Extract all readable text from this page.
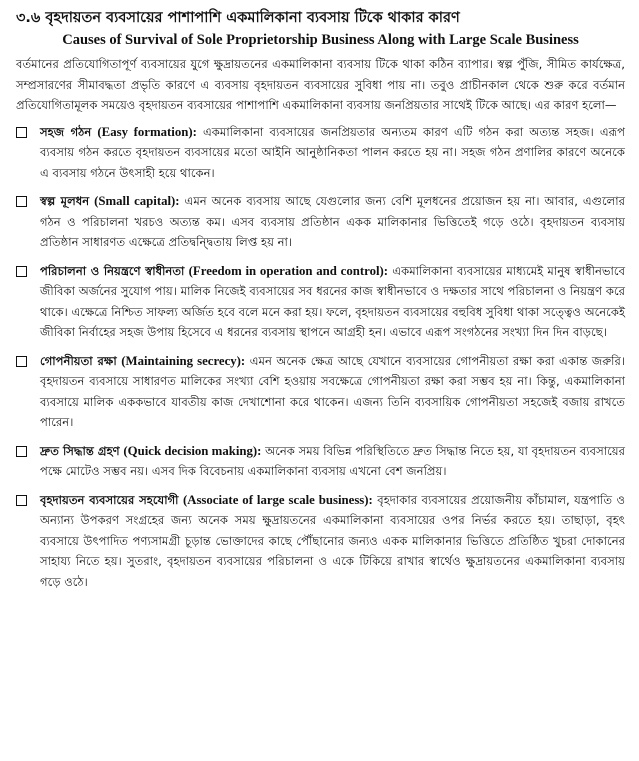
৩.৬ বৃহদায়তন ব্যবসায়ের পাশাপাশি একমালিকানা ব্যবসায় টিকে থাকার কারণ
Causes of Survival of Sole Proprietorship Business Along with Large Scale Business

বর্তমানের প্রতিযোগিতাপূর্ণ ব্যবসায়ের যুগে ক্ষুদ্রায়তনের একমালিকানা ব্যবসায় টিকে থাকা কঠিন ব্যাপার। স্বল্প পুঁজি, সীমিত কার্যক্ষেত্র, সম্প্রসারণের সীমাবদ্ধতা প্রভৃতি কারণে এ ব্যবসায় বৃহদায়তন ব্যবসায়ের সুবিধা পায় না। তবুও প্রাচীনকাল থেকে শুরু করে বর্তমান প্রতিযোগিতামূলক সময়েও বৃহদায়তন ব্যবসায়ের পাশাপাশি একমালিকানা ব্যবসায় জনপ্রিয়তার সাথেই টিকে আছে। এর কারণ হলো—

সহজ গঠন (Easy formation): একমালিকানা ব্যবসায়ের জনপ্রিয়তার অন্যতম কারণ এটি গঠন করা অত্যন্ত সহজ। এরূপ ব্যবসায় গঠন করতে বৃহদায়তন ব্যবসায়ের মতো আইনি আনুষ্ঠানিকতা পালন করতে হয় না। সহজ গঠন প্রণালির কারণে অনেকে এ ব্যবসায় গঠনে উৎসাহী হয়ে থাকেন।
স্বল্প মূলধন (Small capital): এমন অনেক ব্যবসায় আছে যেগুলোর জন্য বেশি মূলধনের প্রয়োজন হয় না। আবার, এগুলোর গঠন ও পরিচালনা খরচও অত্যন্ত কম। এসব ব্যবসায় প্রতিষ্ঠান একক মালিকানার ভিত্তিতেই গড়ে ওঠে। বৃহদায়তন ব্যবসায় প্রতিষ্ঠান সাধারণত এক্ষেত্রে প্রতিদ্বন্দ্বিতায় লিপ্ত হয় না।
পরিচালনা ও নিয়ন্ত্রণে স্বাধীনতা (Freedom in operation and control): একমালিকানা ব্যবসায়ের মাধ্যমেই মানুষ স্বাধীনভাবে জীবিকা অর্জনের সুযোগ পায়। মালিক নিজেই ব্যবসায়ের সব ধরনের কাজ স্বাধীনভাবে ও দক্ষতার সাথে পরিচালনা ও নিয়ন্ত্রণ করে থাকে। এক্ষেত্রে নিশ্চিত সাফল্য অর্জিত হবে বলে মনে করা হয়। ফলে, বৃহদায়তন ব্যবসায়ের বহুবিধ সুবিধা থাকা সত্ত্বেও অনেকেই জীবিকা নির্বাহের সহজ উপায় হিসেবে এ ধরনের ব্যবসায় স্থাপনে আগ্রহী হন। এভাবে এরূপ সংগঠনের সংখ্যা দিন দিন বাড়ছে।
গোপনীয়তা রক্ষা (Maintaining secrecy): এমন অনেক ক্ষেত্র আছে যেখানে ব্যবসায়ের গোপনীয়তা রক্ষা করা একান্ত জরুরি। বৃহদায়তন ব্যবসায়ে সাধারণত মালিকের সংখ্যা বেশি হওয়ায় সবক্ষেত্রে গোপনীয়তা রক্ষা করা সম্ভব হয় না। কিন্তু, একমালিকানা ব্যবসায়ে মালিক এককভাবে যাবতীয় কাজ দেখাশোনা করে থাকেন। এজন্য তিনি ব্যবসায়িক গোপনীয়তা সহজেই বজায় রাখতে পারেন।
দ্রুত সিদ্ধান্ত গ্রহণ (Quick decision making): অনেক সময় বিভিন্ন পরিস্থিতিতে দ্রুত সিদ্ধান্ত নিতে হয়, যা বৃহদায়তন ব্যবসায়ের পক্ষে মোটেও সম্ভব নয়। এসব দিক বিবেচনায় একমালিকানা ব্যবসায় এখনো বেশ জনপ্রিয়।
বৃহদায়তন ব্যবসায়ের সহযোগী (Associate of large scale business): বৃহদাকার ব্যবসায়ের প্রয়োজনীয় কাঁচামাল, যন্ত্রপাতি ও অন্যান্য উপকরণ সংগ্রহের জন্য অনেক সময় ক্ষুদ্রায়তনের একমালিকানা ব্যবসায়ের ওপর নির্ভর করতে হয়। তাছাড়া, বৃহৎ ব্যবসায়ে উৎপাদিত পণ্যসামগ্রী চূড়ান্ত ভোক্তাদের কাছে পৌঁছানোর জন্যও একক মালিকানার ভিত্তিতে প্রতিষ্ঠিত খুচরা দোকানের সাহায্য নিতে হয়। সুতরাং, বৃহদায়তন ব্যবসায়ের পরিচালনা ও একে টিকিয়ে রাখার স্বার্থেও ক্ষুদ্রায়তনের একমালিকানা ব্যবসায় গড়ে ওঠে।
